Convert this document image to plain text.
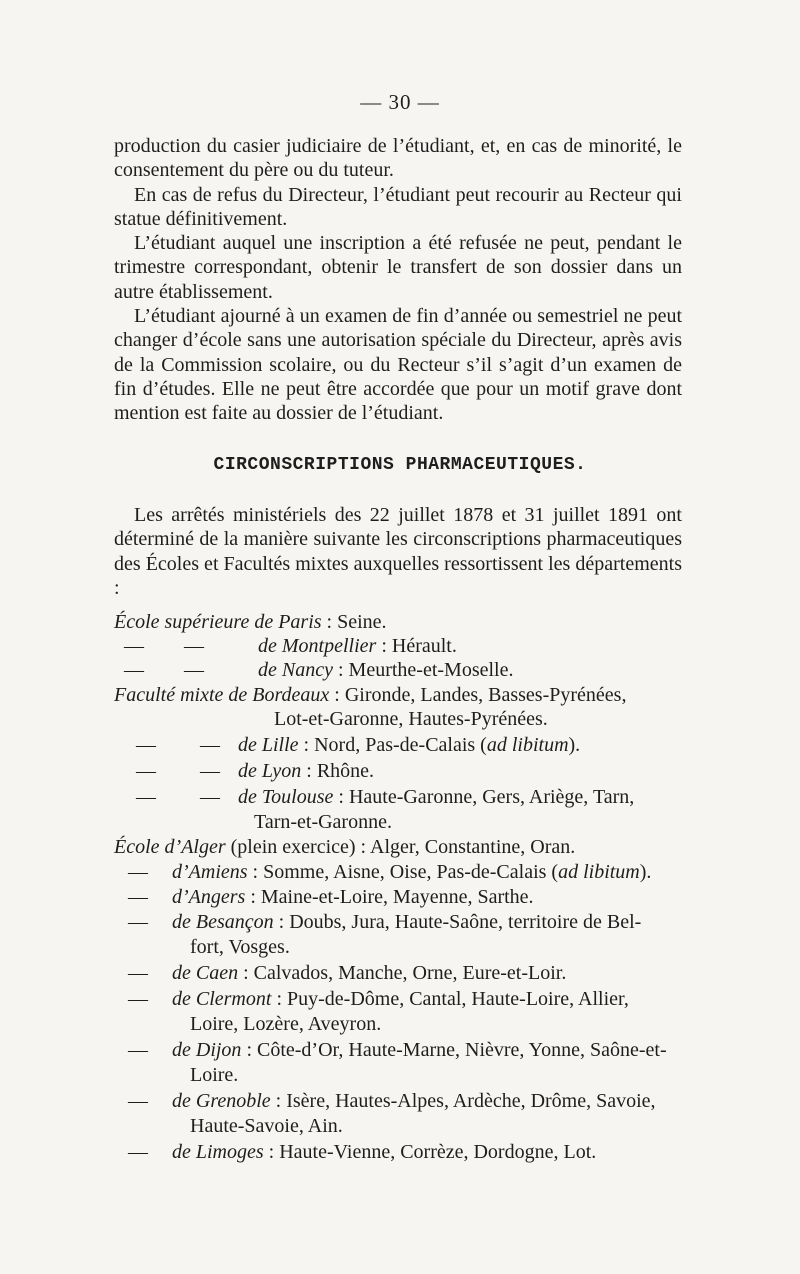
— 30 —

production du casier judiciaire de l’étudiant, et, en cas de minorité, le consentement du père ou du tuteur.

En cas de refus du Directeur, l’étudiant peut recourir au Recteur qui statue définitivement.

L’étudiant auquel une inscription a été refusée ne peut, pendant le trimestre correspondant, obtenir le transfert de son dossier dans un autre établissement.

L’étudiant ajourné à un examen de fin d’année ou semestriel ne peut changer d’école sans une autorisation spéciale du Directeur, après avis de la Commission scolaire, ou du Recteur s’il s’agit d’un examen de fin d’études. Elle ne peut être accordée que pour un motif grave dont mention est faite au dossier de l’étudiant.

CIRCONSCRIPTIONS PHARMACEUTIQUES.

Les arrêtés ministériels des 22 juillet 1878 et 31 juillet 1891 ont déterminé de la manière suivante les circonscriptions pharmaceutiques des Écoles et Facultés mixtes auxquelles ressortissent les départements :

École supérieure de Paris : Seine.
— —	de Montpellier : Hérault.
— —	de Nancy : Meurthe-et-Moselle.
Faculté mixte de Bordeaux : Gironde, Landes, Basses-Pyrénées,
Lot-et-Garonne, Hautes-Pyrénées.
— — de Lille : Nord, Pas-de-Calais (ad libitum).
— — de Lyon : Rhône.
— — de Toulouse : Haute-Garonne, Gers, Ariège, Tarn,
Tarn-et-Garonne.
École d’Alger (plein exercice) : Alger, Constantine, Oran.
— d’Amiens : Somme, Aisne, Oise, Pas-de-Calais (ad libitum).
— d’Angers : Maine-et-Loire, Mayenne, Sarthe.
— de Besançon : Doubs, Jura, Haute-Saône, territoire de Bel-
fort, Vosges.
— de Caen : Calvados, Manche, Orne, Eure-et-Loir.
— de Clermont : Puy-de-Dôme, Cantal, Haute-Loire, Allier,
Loire, Lozère, Aveyron.
— de Dijon : Côte-d’Or, Haute-Marne, Nièvre, Yonne, Saône-et-
Loire.
— de Grenoble : Isère, Hautes-Alpes, Ardèche, Drôme, Savoie,
Haute-Savoie, Ain.
— de Limoges : Haute-Vienne, Corrèze, Dordogne, Lot.
